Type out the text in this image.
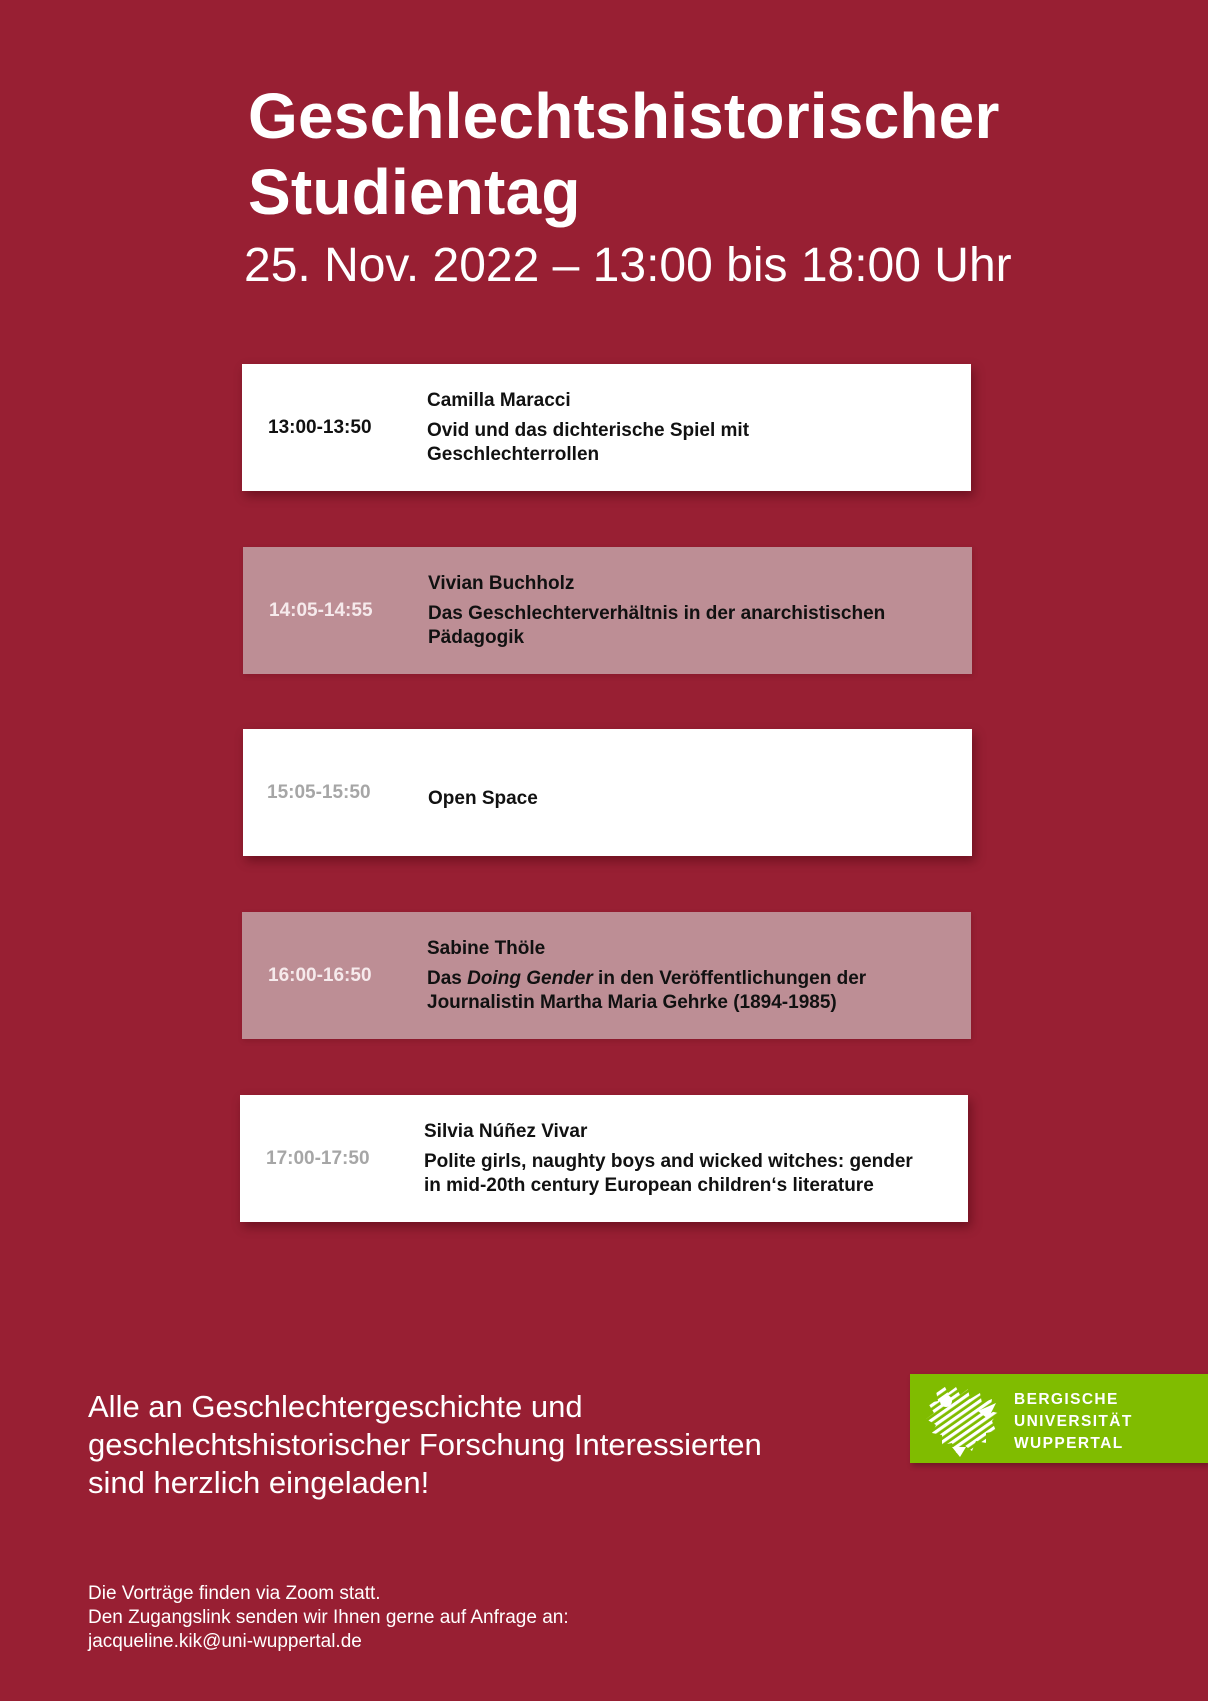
Geschlechtshistorischer
Studientag
25. Nov. 2022 – 13:00 bis 18:00 Uhr
13:00-13:50
Camilla Maracci
Ovid und das dichterische Spiel mit
Geschlechterrollen
14:05-14:55
Vivian Buchholz
Das Geschlechterverhältnis in der anarchistischen
Pädagogik
15:05-15:50	Open Space
16:00-16:50
Sabine Thöle
Das Doing Gender in den Veröffentlichungen der
Journalistin Martha Maria Gehrke (1894-1985)
17:00-17:50
Silvia Núñez Vivar
Polite girls, naughty boys and wicked witches: gender
in mid-20th century European children‘s literature
Alle an Geschlechtergeschichte und
geschlechtshistorischer Forschung Interessierten
sind herzlich eingeladen!
BERGISCHE
UNIVERSITÄT
WUPPERTAL
Die Vorträge finden via Zoom statt.
Den Zugangslink senden wir Ihnen gerne auf Anfrage an:
jacqueline.kik@uni-wuppertal.de
